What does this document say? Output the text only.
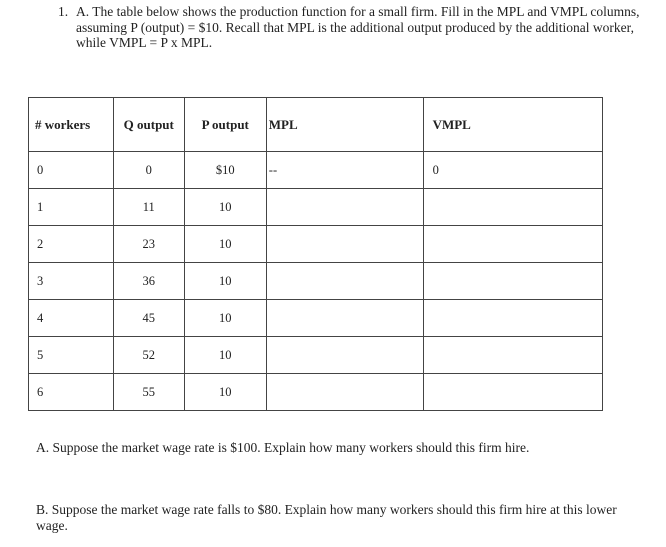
1. A. The table below shows the production function for a small firm. Fill in the MPL and VMPL columns, assuming P (output) = $10. Recall that MPL is the additional output produced by the additional worker, while VMPL = P x MPL.
# workers	Q output	P output	MPL	VMPL
0	0	$10	--	0
1	11	10		
2	23	10		
3	36	10		
4	45	10		
5	52	10		
6	55	10		
A. Suppose the market wage rate is $100. Explain how many workers should this firm hire.
B. Suppose the market wage rate falls to $80. Explain how many workers should this firm hire at this lower wage.
